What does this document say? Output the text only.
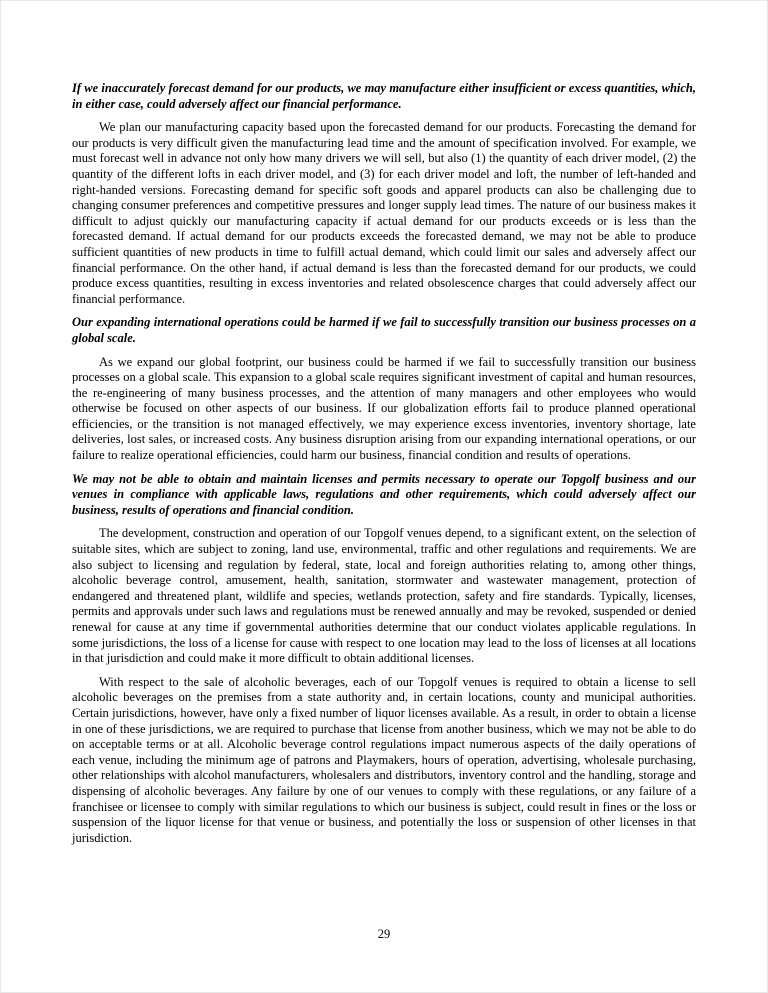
If we inaccurately forecast demand for our products, we may manufacture either insufficient or excess quantities, which, in either case, could adversely affect our financial performance.

We plan our manufacturing capacity based upon the forecasted demand for our products. Forecasting the demand for our products is very difficult given the manufacturing lead time and the amount of specification involved. For example, we must forecast well in advance not only how many drivers we will sell, but also (1) the quantity of each driver model, (2) the quantity of the different lofts in each driver model, and (3) for each driver model and loft, the number of left-handed and right-handed versions. Forecasting demand for specific soft goods and apparel products can also be challenging due to changing consumer preferences and competitive pressures and longer supply lead times. The nature of our business makes it difficult to adjust quickly our manufacturing capacity if actual demand for our products exceeds or is less than the forecasted demand. If actual demand for our products exceeds the forecasted demand, we may not be able to produce sufficient quantities of new products in time to fulfill actual demand, which could limit our sales and adversely affect our financial performance. On the other hand, if actual demand is less than the forecasted demand for our products, we could produce excess quantities, resulting in excess inventories and related obsolescence charges that could adversely affect our financial performance.

Our expanding international operations could be harmed if we fail to successfully transition our business processes on a global scale.

As we expand our global footprint, our business could be harmed if we fail to successfully transition our business processes on a global scale. This expansion to a global scale requires significant investment of capital and human resources, the re-engineering of many business processes, and the attention of many managers and other employees who would otherwise be focused on other aspects of our business. If our globalization efforts fail to produce planned operational efficiencies, or the transition is not managed effectively, we may experience excess inventories, inventory shortage, late deliveries, lost sales, or increased costs. Any business disruption arising from our expanding international operations, or our failure to realize operational efficiencies, could harm our business, financial condition and results of operations.

We may not be able to obtain and maintain licenses and permits necessary to operate our Topgolf business and our venues in compliance with applicable laws, regulations and other requirements, which could adversely affect our business, results of operations and financial condition.

The development, construction and operation of our Topgolf venues depend, to a significant extent, on the selection of suitable sites, which are subject to zoning, land use, environmental, traffic and other regulations and requirements. We are also subject to licensing and regulation by federal, state, local and foreign authorities relating to, among other things, alcoholic beverage control, amusement, health, sanitation, stormwater and wastewater management, protection of endangered and threatened plant, wildlife and species, wetlands protection, safety and fire standards. Typically, licenses, permits and approvals under such laws and regulations must be renewed annually and may be revoked, suspended or denied renewal for cause at any time if governmental authorities determine that our conduct violates applicable regulations. In some jurisdictions, the loss of a license for cause with respect to one location may lead to the loss of licenses at all locations in that jurisdiction and could make it more difficult to obtain additional licenses.

With respect to the sale of alcoholic beverages, each of our Topgolf venues is required to obtain a license to sell alcoholic beverages on the premises from a state authority and, in certain locations, county and municipal authorities. Certain jurisdictions, however, have only a fixed number of liquor licenses available. As a result, in order to obtain a license in one of these jurisdictions, we are required to purchase that license from another business, which we may not be able to do on acceptable terms or at all. Alcoholic beverage control regulations impact numerous aspects of the daily operations of each venue, including the minimum age of patrons and Playmakers, hours of operation, advertising, wholesale purchasing, other relationships with alcohol manufacturers, wholesalers and distributors, inventory control and the handling, storage and dispensing of alcoholic beverages. Any failure by one of our venues to comply with these regulations, or any failure of a franchisee or licensee to comply with similar regulations to which our business is subject, could result in fines or the loss or suspension of the liquor license for that venue or business, and potentially the loss or suspension of other licenses in that jurisdiction.

29
